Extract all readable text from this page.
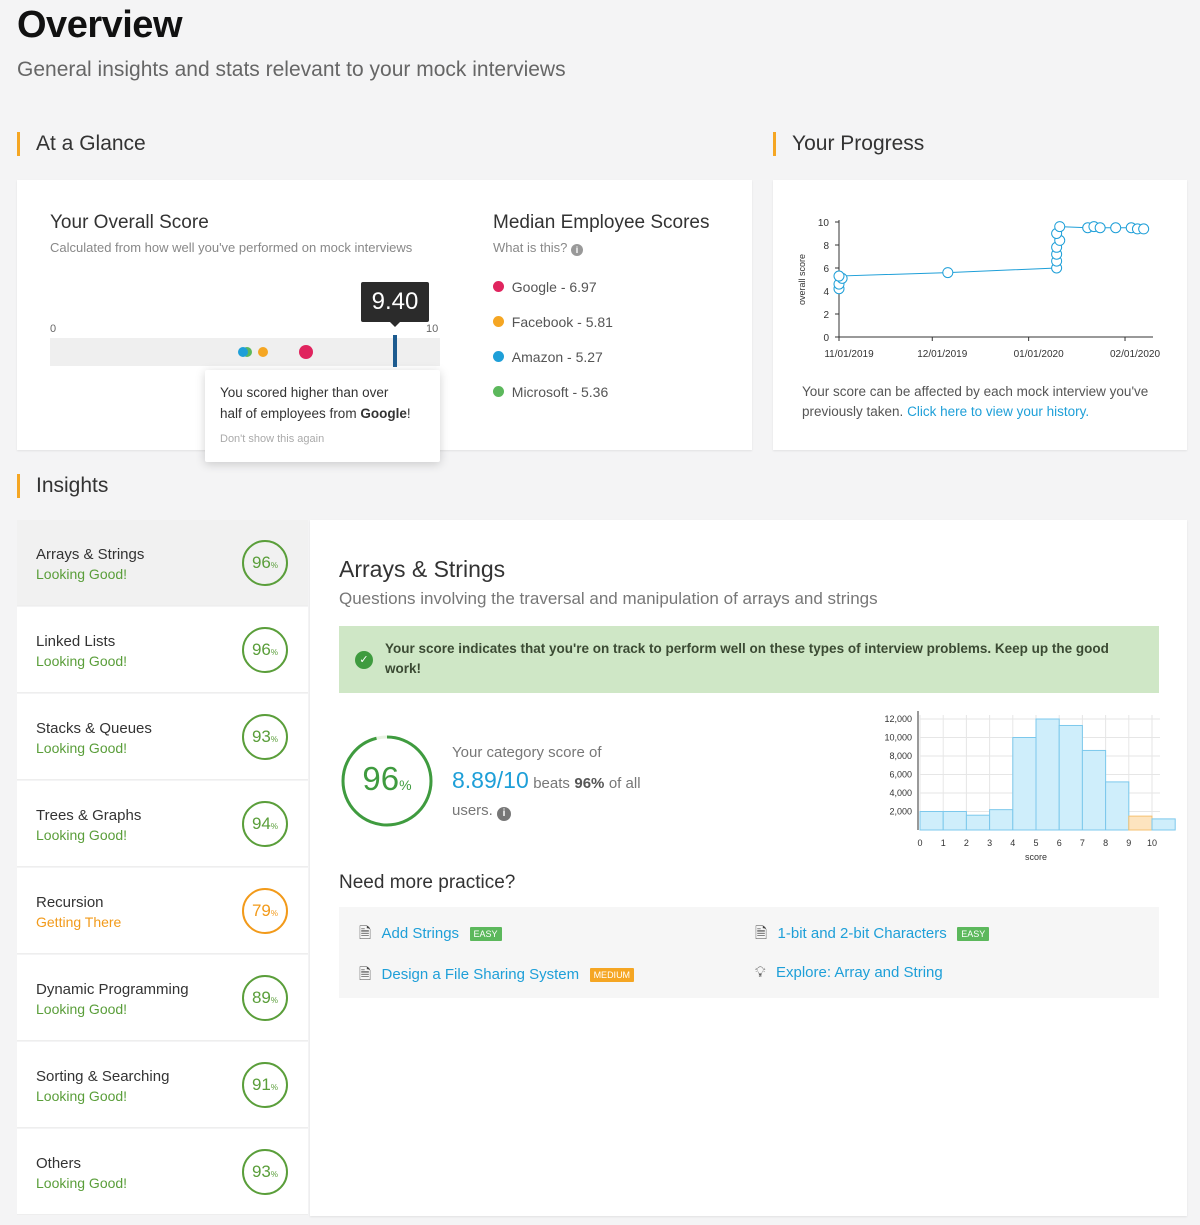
Overview
General insights and stats relevant to your mock interviews
At a Glance	Your Progress
Insights
Your Overall Score
Calculated from how well you've performed on mock interviews
0	10
9.40
You scored higher than over
half of employees from Google!
Don't show this again
Median Employee Scores
What is this? i
Google - 6.97
Facebook - 5.81
Amazon - 5.27
Microsoft - 5.36
0
2
4
6
8
10
11/01/2019	12/01/2019	01/01/2020	02/01/2020
overall score
Your score can be affected by each mock interview you've previously taken. Click here to view your history.
Arrays & Strings
Looking Good!
96%
Linked Lists
Looking Good!
96%
Stacks & Queues
Looking Good!
93%
Trees & Graphs
Looking Good!
94%
Recursion
Getting There
79%
Dynamic Programming
Looking Good!
89%
Sorting & Searching
Looking Good!
91%
Others
Looking Good!
93%
Arrays & Strings
Questions involving the traversal and manipulation of arrays and strings
✓
Your score indicates that you're on track to perform well on these types of interview problems. Keep up the good work!
96%
Your category score of
8.89/10 beats 96% of all
users. i	2,000
4,000
6,000
8,000
10,000
12,000
0 1 2 3 4 5 6 7 8 9 10
score
Need more practice?
🗎 Add Strings EASY	🗎 1-bit and 2-bit Characters EASY
🗎 Design a File Sharing System MEDIUM	💡︎ Explore: Array and String
